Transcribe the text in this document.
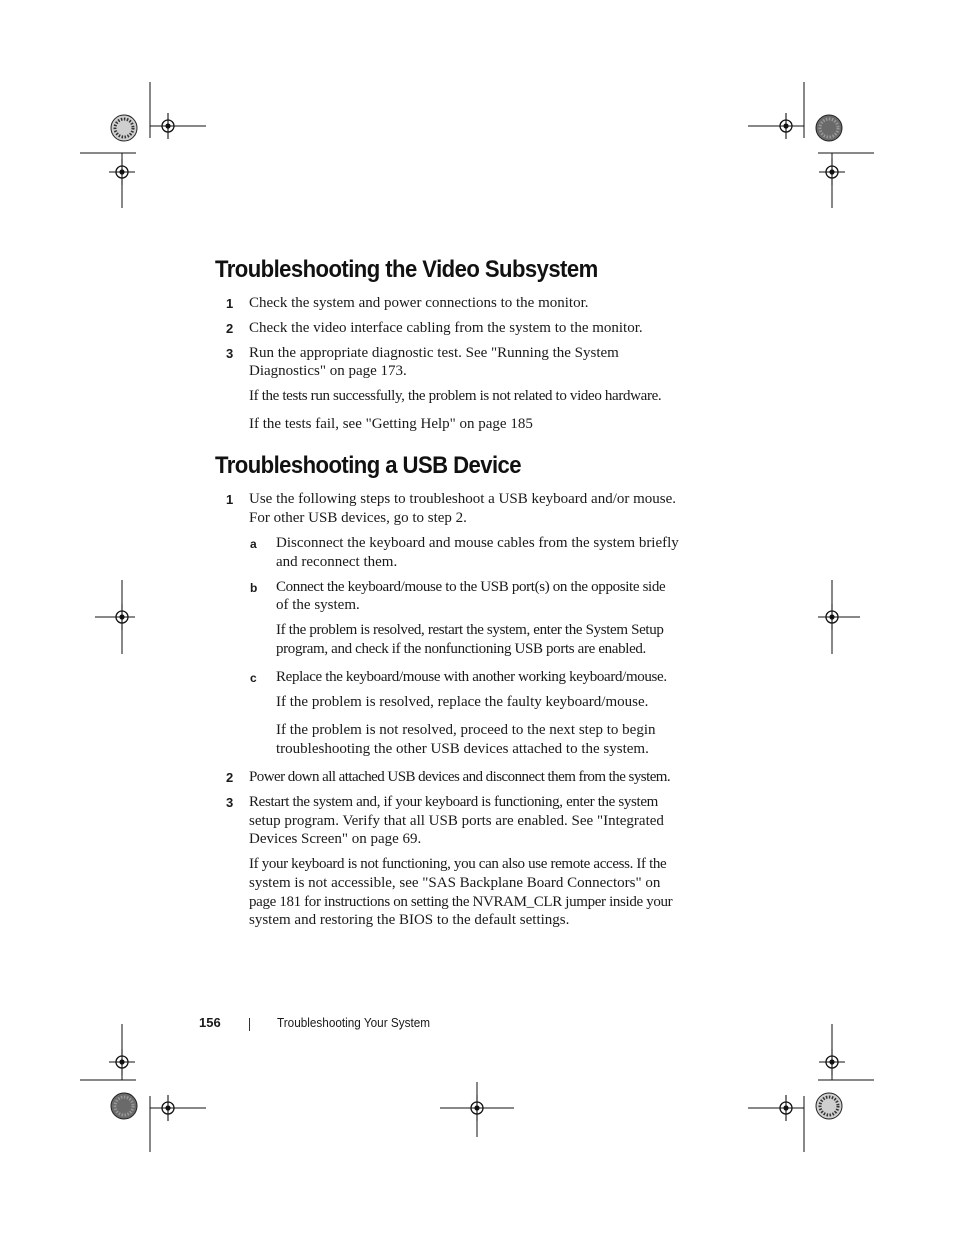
Troubleshooting the Video Subsystem
1 Check the system and power connections to the monitor.
2 Check the video interface cabling from the system to the monitor.
3 Run the appropriate diagnostic test. See "Running the System
Diagnostics" on page 173.
If the tests run successfully, the problem is not related to video hardware.
If the tests fail, see "Getting Help" on page 185
Troubleshooting a USB Device
1 Use the following steps to troubleshoot a USB keyboard and/or mouse.
For other USB devices, go to step 2.
a Disconnect the keyboard and mouse cables from the system briefly
and reconnect them.
b Connect the keyboard/mouse to the USB port(s) on the opposite side
of the system.
If the problem is resolved, restart the system, enter the System Setup
program, and check if the nonfunctioning USB ports are enabled.
c Replace the keyboard/mouse with another working keyboard/mouse.
If the problem is resolved, replace the faulty keyboard/mouse.
If the problem is not resolved, proceed to the next step to begin
troubleshooting the other USB devices attached to the system.
2 Power down all attached USB devices and disconnect them from the system.
3 Restart the system and, if your keyboard is functioning, enter the system
setup program. Verify that all USB ports are enabled. See "Integrated
Devices Screen" on page 69.
If your keyboard is not functioning, you can also use remote access. If the
system is not accessible, see "SAS Backplane Board Connectors" on
page 181 for instructions on setting the NVRAM_CLR jumper inside your
system and restoring the BIOS to the default settings.
156	Troubleshooting Your System
